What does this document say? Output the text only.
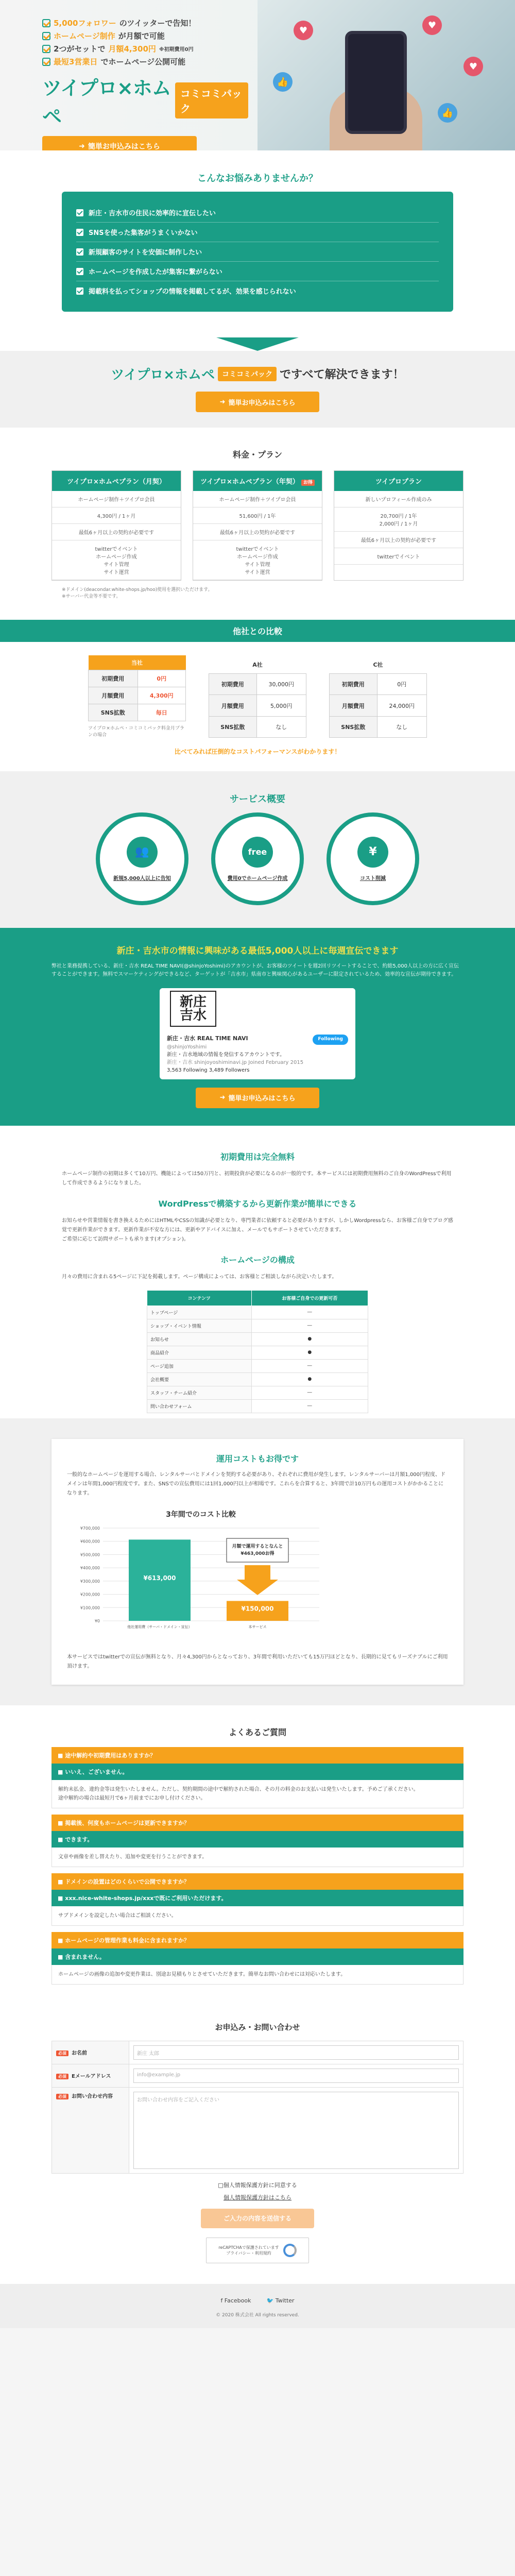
5,000フォロワー のツイッターで告知！
ホームページ制作 が月額で可能
2つがセットで 月額4,300円 ※初期費用0円
最短3営業日 でホームページ公開可能
ツイプロ×ホムペ
コミコミパック
➜ 簡単お申込みはこちら
♥	♥
♥
👍
👍
こんなお悩みありませんか？
新庄・吉水市の住民に効率的に宣伝したい
SNSを使った集客がうまくいかない
新規顧客のサイトを安価に制作したい
ホームページを作成したが集客に繋がらない
掲載料を払ってショップの情報を掲載してるが、効果を感じられない
ツイプロ×ホムペ	コミコミパック ですべて解決できます！
➜ 簡単お申込みはこちら
料金・プラン
ツイプロ×ホムペプラン（月契）
ホームページ制作＋ツイプロ会員
4,300円 / 1ヶ月
最低6ヶ月以上の契約が必要です
twitterでイベント
ホームページ作成
サイト管理
サイト運営
ツイプロ×ホムペプラン（年契） お得
ホームページ制作＋ツイプロ会員
51,600円 / 1年
最低6ヶ月以上の契約が必要です
twitterでイベント
ホームページ作成
サイト管理
サイト運営
ツイプロプラン
新しいプロフィール作成のみ
20,700円 / 1年
2,000円 / 1ヶ月
最低6ヶ月以上の契約が必要です
twitterでイベント
※ドメイン(deacondar.white-shops.jp/hoo)使用を選択いただけます。
※サーバー代金等不要です。
他社との比較
当社	
初期費用	0円
月額費用	4,300円
SNS拡散	毎日
ツイプロ×ホムペ・コミコミパック料金月プランの場合
A社	
初期費用	30,000円
月額費用	5,000円
SNS拡散	なし
C社	
初期費用	0円
月額費用	24,000円
SNS拡散	なし
比べてみれば圧倒的なコストパフォーマンスがわかります！
サービス概要
👥
新規5,000人以上に告知
free
費用0でホームページ作成
¥
コスト削減
新庄・吉水市の情報に興味がある最低5,000人以上に毎週宣伝できます

弊社と業務提携している、新庄・吉水 REAL TIME NAVI(@shinjoYoshimi)のアカウントが、お客様のツイートを週2回リツイートすることで、約総5,000人以上の方に広く宣伝することができます。無料でスマーケティングができるなど、ターゲットが「吉水市」県南市と興味関心があるユーザーに限定されているため、効率的な宣伝が期待できます。

新庄
吉水
Following
新庄・吉水 REAL TIME NAVI
@shinjoYoshimi
新庄・吉水地域の情報を発信するアカウントです。
新庄・吉水 shinjoyoshiminavi.jp Joined February 2015
3,563 Following 3,489 Followers
➜ 簡単お申込みはこちら
初期費用は完全無料

ホームページ制作の初期は多くて10万円、機能によっては50万円と、初期投資が必要になるのが一般的です。本サービスには初期費用無料のご自身のWordPressで利用して作成できるようになりました。

WordPressで構築するから更新作業が簡単にできる

お知らせや営業情報を書き換えるためにはHTMLやCSSの知識が必要となり、専門業者に依頼すると必要がありますが、しかしWordpressなら、お客様ご自身でブログ感覚で更新作業ができます。更新作業が不安な方には、更新やアドバイスに加え、メールでもサポートさせていただきます。
ご希望に応じて訪問サポートも承ります(オプション)。

ホームページの構成

月々の費用に含まれる5ページに下記を掲載します。ページ構成によっては、お客様とご相談しながら決定いたします。

コンテンツ	お客様ご自身での更新可否
トップページ	―
ショップ・イベント情報	―
お知らせ	●
商品紹介	●
ページ追加	―
会社概要	●
スタッフ・チーム紹介	―
問い合わせフォーム	―
運用コストもお得です

一般的なホームページを運用する場合、レンタルサーバとドメインを契約する必要があり、それぞれに費用が発生します。レンタルサーバーは月額1,000円程度、ドメインは年間1,000円程度です。また、SNSでの宣伝費用には1回1,000円以上が相場です。これらを合算すると、3年間で計10万円もの運用コストがかかることになります。

3年間でのコスト比較
¥700,000
¥600,000
¥500,000
¥400,000
¥300,000
¥200,000
¥100,000
¥0
¥613,000
他社運用費（サーバ・ドメイン・宣伝）
¥150,000
本サービス
月額で運用するとなんと
¥463,000お得

本サービスではtwitterでの宣伝が無料となり、月々4,300円からとなっており、3年間で利用いただいても15万円ほどとなり、長期的に見てもリーズナブルにご利用頂けます。

よくあるご質問
■ 途中解約や初期費用はありますか？
■ いいえ、ございません。
解約未払金、違約金等は発生いたしません。ただし、契約期間の途中で解約された場合、その月の料金のお支払いは発生いたします。予めご了承ください。
途中解約の場合は最短月で6ヶ月前までにお申し付けください。
■ 掲載後、何度もホームページは更新できますか？
■ できます。
文章や画像を差し替えたり、追加や変更を行うことができます。
■ ドメインの設置はどのくらいで公開できますか？
■ xxx.nice-white-shops.jp/xxxで既にご利用いただけます。
サブドメインを設定したい場合はご相談ください。
■ ホームページの管理作業も料金に含まれますか？
■ 含まれません。
ホームページの画像の追加や変更作業は、別途お見積もりとさせていただきます。簡単なお問い合わせには対応いたします。
お申込み・お問い合わせ
必須 お名前	新庄 太郎

必須 Eメールアドレス	info@example.jp

必須 お問い合わせ内容	お問い合わせ内容をご記入ください
□個人情報保護方針に同意する
個人情報保護方針はこちら
ご入力の内容を送信する
reCAPTCHAで保護されています
プライバシー・利用規約
f Facebook	🐦 Twitter
© 2020 株式会社 All rights reserved.
